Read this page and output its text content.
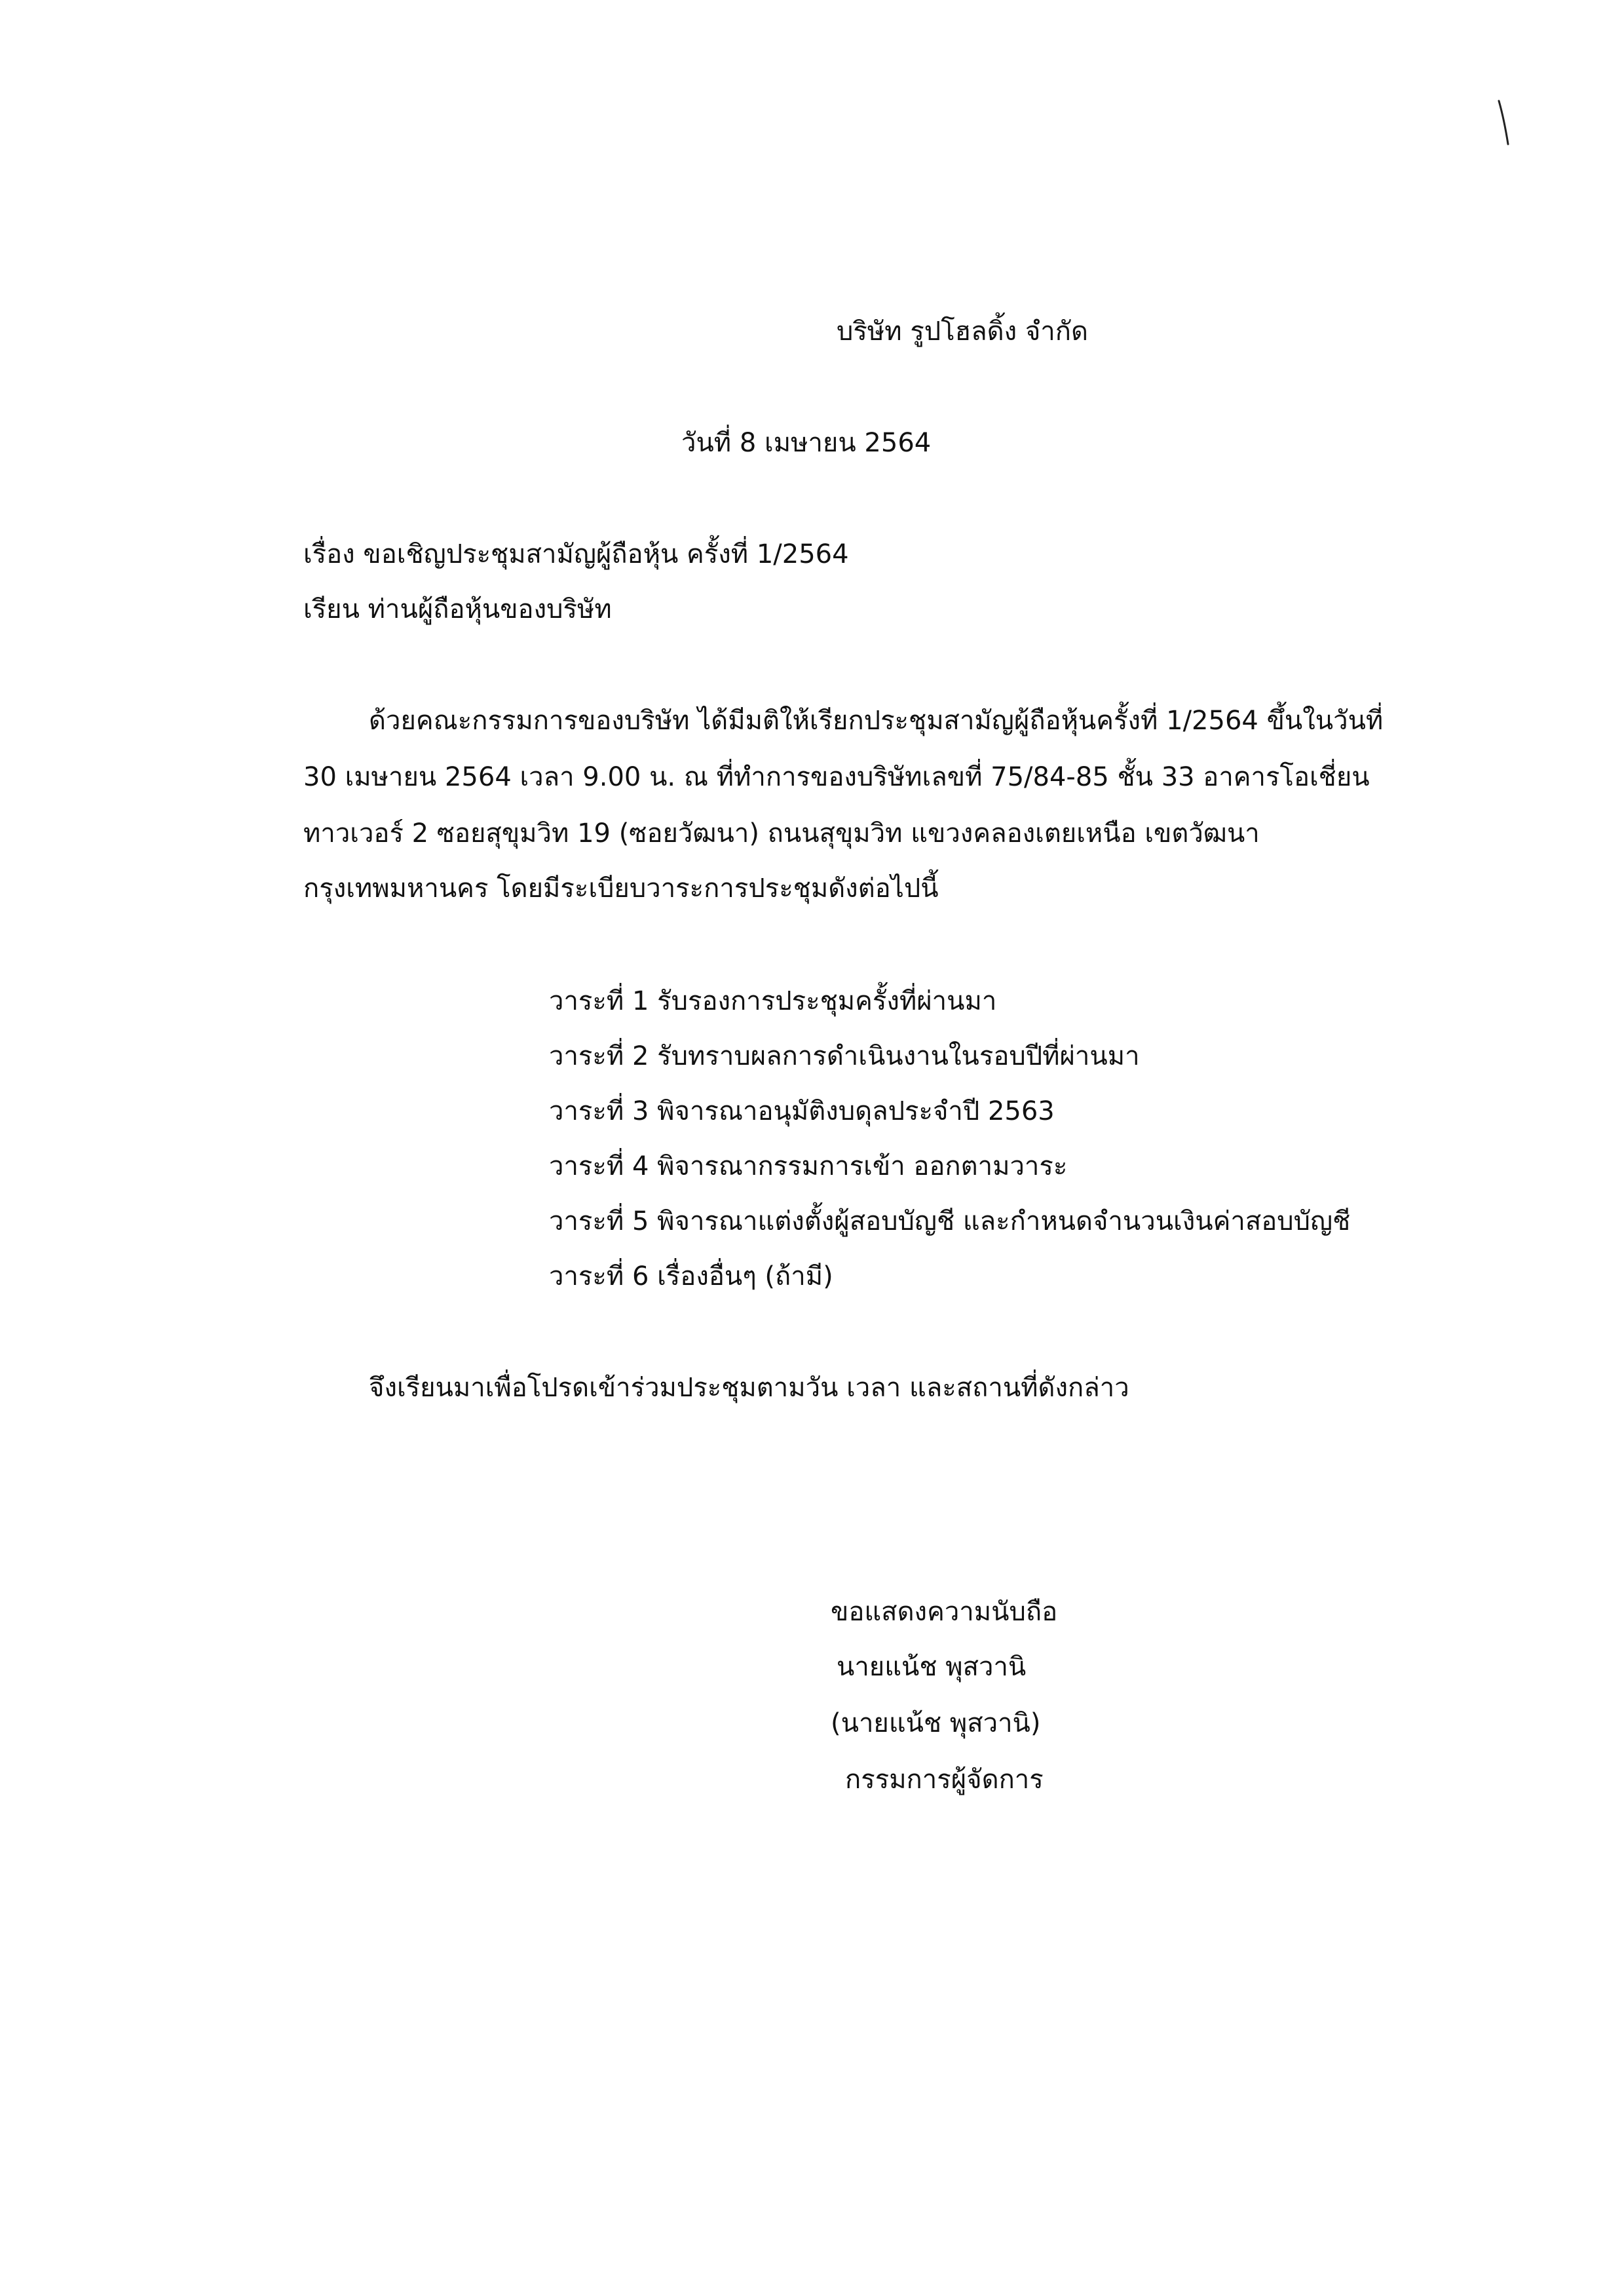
บริษัท รูปโฮลดิ้ง จำกัด
วันที่ 8 เมษายน 2564
เรื่อง ขอเชิญประชุมสามัญผู้ถือหุ้น ครั้งที่ 1/2564
เรียน ท่านผู้ถือหุ้นของบริษัท
ด้วยคณะกรรมการของบริษัท ได้มีมติให้เรียกประชุมสามัญผู้ถือหุ้นครั้งที่ 1/2564 ขึ้นในวันที่
30 เมษายน 2564 เวลา 9.00 น. ณ ที่ทำการของบริษัทเลขที่ 75/84-85 ชั้น 33 อาคารโอเชี่ยน
ทาวเวอร์ 2 ซอยสุขุมวิท 19 (ซอยวัฒนา) ถนนสุขุมวิท แขวงคลองเตยเหนือ เขตวัฒนา
กรุงเทพมหานคร โดยมีระเบียบวาระการประชุมดังต่อไปนี้
วาระที่ 1 รับรองการประชุมครั้งที่ผ่านมา
วาระที่ 2 รับทราบผลการดำเนินงานในรอบปีที่ผ่านมา
วาระที่ 3 พิจารณาอนุมัติงบดุลประจำปี 2563
วาระที่ 4 พิจารณากรรมการเข้า ออกตามวาระ
วาระที่ 5 พิจารณาแต่งตั้งผู้สอบบัญชี และกำหนดจำนวนเงินค่าสอบบัญชี
วาระที่ 6 เรื่องอื่นๆ (ถ้ามี)
จึงเรียนมาเพื่อโปรดเข้าร่วมประชุมตามวัน เวลา และสถานที่ดังกล่าว
ขอแสดงความนับถือ
นายแน้ช พุสวานิ
(นายแน้ช พุสวานิ)
กรรมการผู้จัดการ
